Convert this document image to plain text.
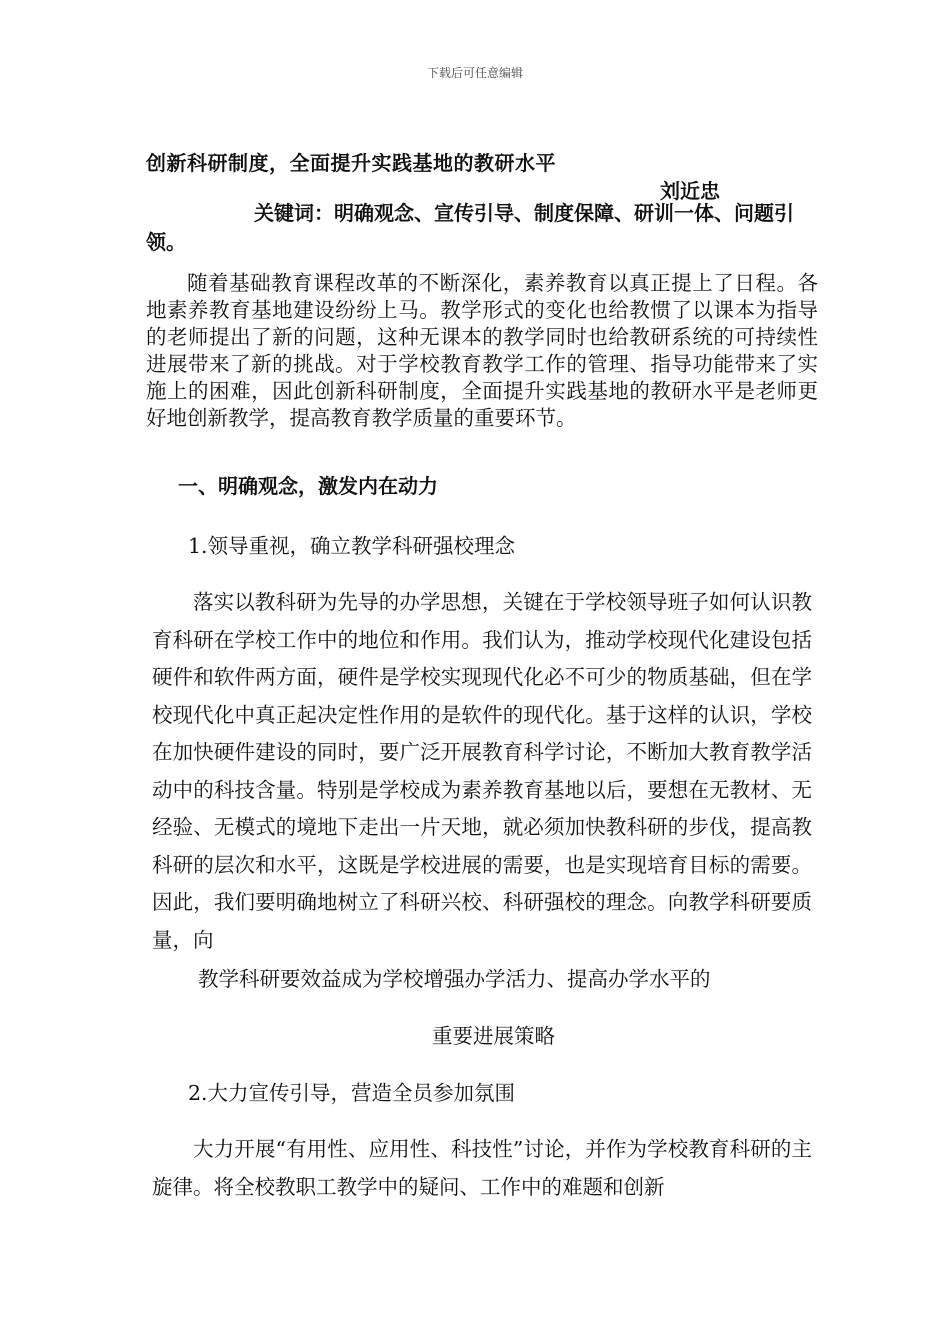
下载后可任意编辑
创新科研制度，全面提升实践基地的教研水平
刘近忠
关键词：明确观念、宣传引导、制度保障、研训一体、问题引领。
随着基础教育课程改革的不断深化，素养教育以真正提上了日程。各地素养教育基地建设纷纷上马。教学形式的变化也给教惯了以课本为指导的老师提出了新的问题，这种无课本的教学同时也给教研系统的可持续性进展带来了新的挑战。对于学校教育教学工作的管理、指导功能带来了实施上的困难，因此创新科研制度，全面提升实践基地的教研水平是老师更好地创新教学，提高教育教学质量的重要环节。
一、明确观念，激发内在动力
1.领导重视，确立教学科研强校理念
落实以教科研为先导的办学思想，关键在于学校领导班子如何认识教育科研在学校工作中的地位和作用。我们认为，推动学校现代化建设包括硬件和软件两方面，硬件是学校实现现代化必不可少的物质基础，但在学校现代化中真正起决定性作用的是软件的现代化。基于这样的认识，学校在加快硬件建设的同时，要广泛开展教育科学讨论，不断加大教育教学活动中的科技含量。特别是学校成为素养教育基地以后，要想在无教材、无经验、无模式的境地下走出一片天地，就必须加快教科研的步伐，提高教科研的层次和水平，这既是学校进展的需要，也是实现培育目标的需要。因此，我们要明确地树立了科研兴校、科研强校的理念。向教学科研要质量，向
教学科研要效益成为学校增强办学活力、提高办学水平的
重要进展策略
2.大力宣传引导，营造全员参加氛围
大力开展“有用性、应用性、科技性”讨论，并作为学校教育科研的主旋律。将全校教职工教学中的疑问、工作中的难题和创新
